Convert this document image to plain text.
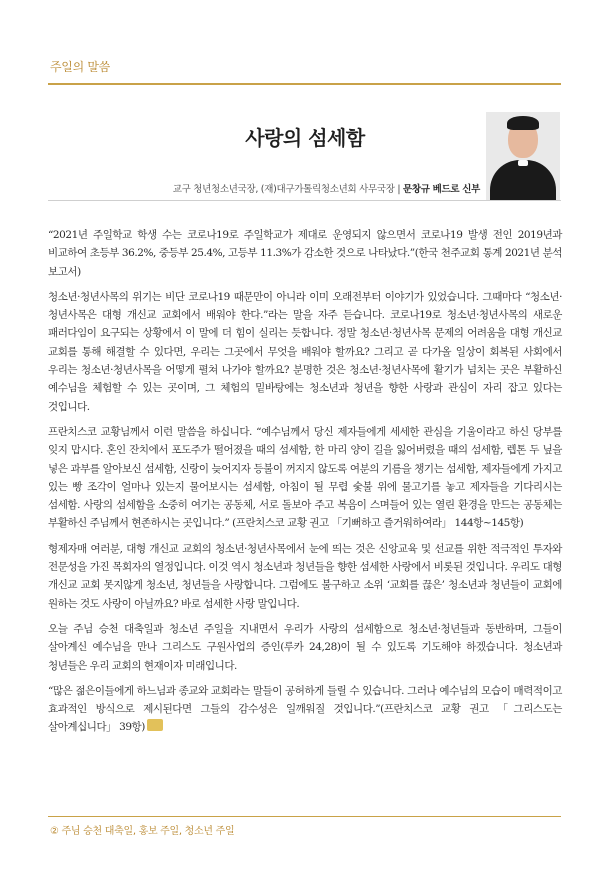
주일의 말씀
사랑의 섬세함
교구 청년청소년국장, (재)대구가톨릭청소년회 사무국장 | 문창규 베드로 신부

“2021년 주일학교 학생 수는 코로나19로 주일학교가 제대로 운영되지 않으면서 코로나19 발생 전인 2019년과 비교하여 초등부 36.2%, 중등부 25.4%, 고등부 11.3%가 감소한 것으로 나타났다.”(한국 천주교회 통계 2021년 분석 보고서)

청소년·청년사목의 위기는 비단 코로나19 때문만이 아니라 이미 오래전부터 이야기가 있었습니다. 그때마다 “청소년·청년사목은 대형 개신교 교회에서 배워야 한다.”라는 말을 자주 듣습니다. 코로나19로 청소년·청년사목의 새로운 패러다임이 요구되는 상황에서 이 말에 더 힘이 실리는 듯합니다. 정말 청소년·청년사목 문제의 어려움을 대형 개신교 교회를 통해 해결할 수 있다면, 우리는 그곳에서 무엇을 배워야 할까요? 그리고 곧 다가올 일상이 회복된 사회에서 우리는 청소년·청년사목을 어떻게 펼쳐 나가야 할까요? 분명한 것은 청소년·청년사목에 활기가 넘치는 곳은 부활하신 예수님을 체험할 수 있는 곳이며, 그 체험의 밑바탕에는 청소년과 청년을 향한 사랑과 관심이 자리 잡고 있다는 것입니다.

프란치스코 교황님께서 이런 말씀을 하십니다. “예수님께서 당신 제자들에게 세세한 관심을 기울이라고 하신 당부를 잊지 맙시다. 혼인 잔치에서 포도주가 떨어졌을 때의 섬세함, 한 마리 양이 길을 잃어버렸을 때의 섬세함, 렙톤 두 닢을 넣은 과부를 알아보신 섬세함, 신랑이 늦어지자 등불이 꺼지지 않도록 여분의 기름을 챙기는 섬세함, 제자들에게 가지고 있는 빵 조각이 얼마나 있는지 물어보시는 섬세함, 아침이 될 무렵 숯불 위에 물고기를 놓고 제자들을 기다리시는 섬세함. 사랑의 섬세함을 소중히 여기는 공동체, 서로 돌보아 주고 복음이 스며들어 있는 열린 환경을 만드는 공동체는 부활하신 주님께서 현존하시는 곳입니다.” (프란치스코 교황 권고 「기뻐하고 즐거워하여라」 144항~145항)

형제자매 여러분, 대형 개신교 교회의 청소년·청년사목에서 눈에 띄는 것은 신앙교육 및 선교를 위한 적극적인 투자와 전문성을 가진 목회자의 열정입니다. 이것 역시 청소년과 청년들을 향한 섬세한 사랑에서 비롯된 것입니다. 우리도 대형 개신교 교회 못지않게 청소년, 청년들을 사랑합니다. 그럼에도 불구하고 소위 ‘교회를 끊은’ 청소년과 청년들이 교회에 원하는 것도 사랑이 아닐까요? 바로 섬세한 사랑 말입니다.

오늘 주님 승천 대축일과 청소년 주일을 지내면서 우리가 사랑의 섬세함으로 청소년·청년들과 동반하며, 그들이 살아계신 예수님을 만나 그리스도 구원사업의 증인(루카 24,28)이 될 수 있도록 기도해야 하겠습니다. 청소년과 청년들은 우리 교회의 현재이자 미래입니다.

“많은 젊은이들에게 하느님과 종교와 교회라는 말들이 공허하게 들릴 수 있습니다. 그러나 예수님의 모습이 매력적이고 효과적인 방식으로 제시된다면 그들의 감수성은 일깨워질 것입니다.”(프란치스코 교황 권고 「그리스도는 살아계십니다」 39항)

② 주님 승천 대축일, 홍보 주일, 청소년 주일
